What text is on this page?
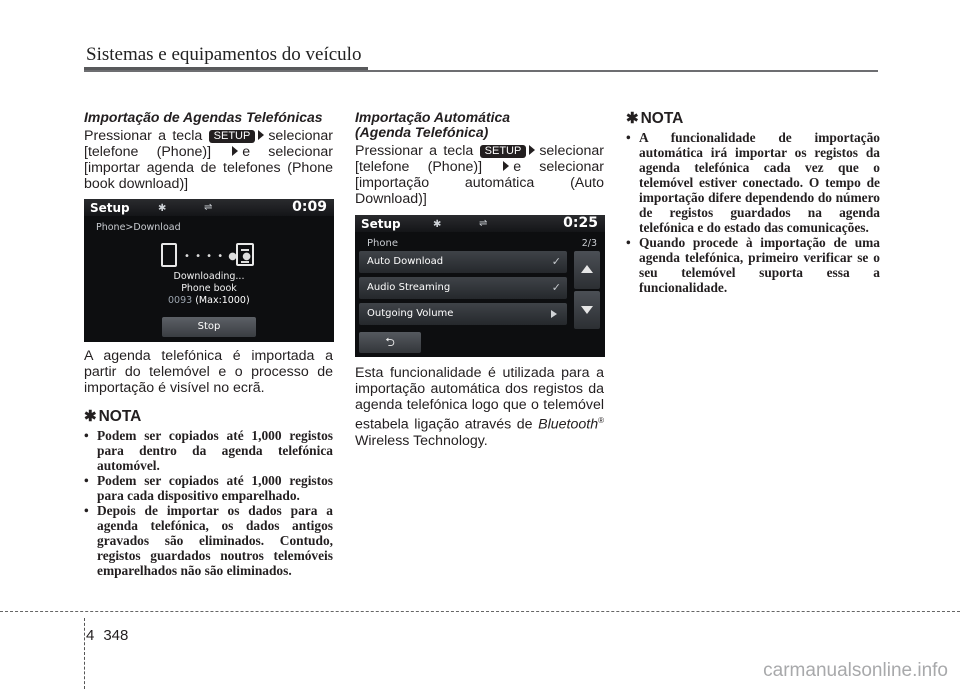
Sistemas e equipamentos do veículo
Importação de Agendas Telefónicas
Pressionar a tecla SETUP selecionar [telefone (Phone)] e selecionar [importar agenda de telefones (Phone book download)]
Setup	✱	⇌	0:09
Phone>Download
• • • • ● ●
Downloading...
Phone book
0093 (Max:1000)
Stop
A agenda telefónica é importada a partir do telemóvel e o processo de importação é visível no ecrã.
✱ NOTA
• Podem ser copiados até 1,000 registos para dentro da agenda telefónica automóvel.
• Podem ser copiados até 1,000 registos para cada dispositivo emparelhado.
• Depois de importar os dados para a agenda telefónica, os dados antigos gravados são eliminados. Contudo, registos guardados noutros telemóveis emparelhados não são eliminados.
Importação Automática
(Agenda Telefónica)
Pressionar a tecla SETUP selecionar [telefone (Phone)] e selecionar [importação automática (Auto Download)]
Setup	✱	⇌	0:25
Phone	2/3
Auto Download	✓
Audio Streaming	✓
Outgoing Volume
⮌
Esta funcionalidade é utilizada para a importação automática dos registos da agenda telefónica logo que o telemóvel estabela ligação através de Bluetooth® Wireless Technology.
✱ NOTA
• A funcionalidade de importação automática irá importar os registos da agenda telefónica cada vez que o telemóvel estiver conectado. O tempo de importação difere dependendo do número de registos guardados na agenda telefónica e do estado das comunicações.
• Quando procede à importação de uma agenda telefónica, primeiro verificar se o seu telemóvel suporta essa a funcionalidade.
4 348
carmanualsonline.info
